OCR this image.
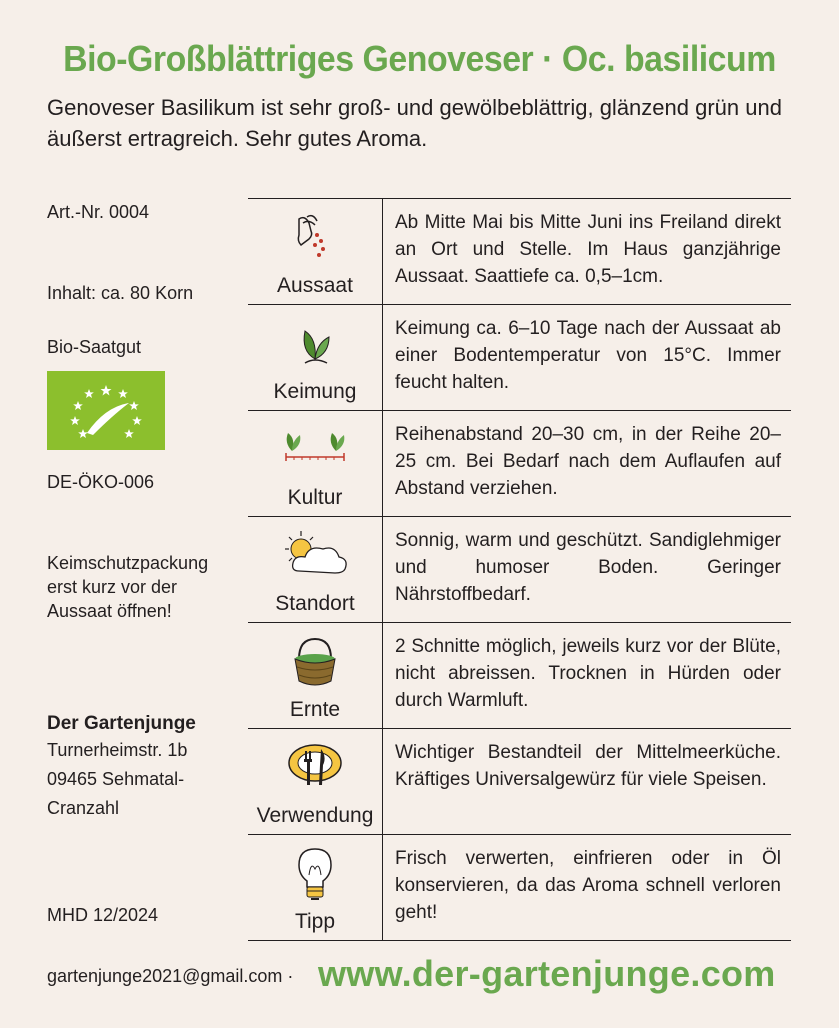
Bio-Großblättriges Genoveser · Oc. basilicum
Genoveser Basilikum ist sehr groß- und gewölbeblättrig, glänzend grün und äußerst ertragreich. Sehr gutes Aroma.
Art.-Nr. 0004
Inhalt: ca. 80 Korn
Bio-Saatgut
DE-ÖKO-006
Keimschutzpackung erst kurz vor der Aussaat öffnen!
Der Gartenjunge
Turnerheimstr. 1b
09465 Sehmatal-
Cranzahl
MHD 12/2024
Aussaat
Ab Mitte Mai bis Mitte Juni ins Freiland direkt an Ort und Stelle. Im Haus ganzjährige Aussaat. Saattiefe ca. 0,5–1cm.
Keimung
Keimung ca. 6–10 Tage nach der Aussaat ab einer Bodentemperatur von 15°C. Immer feucht halten.
Kultur
Reihenabstand 20–30 cm, in der Reihe 20–25 cm. Bei Bedarf nach dem Auflaufen auf Abstand verziehen.
Standort
Sonnig, warm und geschützt. Sandiglehmiger und humoser Boden. Geringer Nährstoffbedarf.
Ernte
2 Schnitte möglich, jeweils kurz vor der Blüte, nicht abreissen. Trocknen in Hürden oder durch Warmluft.
Verwendung
Wichtiger Bestandteil der Mittelmeerküche. Kräftiges Universalgewürz für viele Speisen.
Tipp
Frisch verwerten, einfrieren oder in Öl konservieren, da das Aroma schnell verloren geht!
gartenjunge2021@gmail.com · www.der-gartenjunge.com
